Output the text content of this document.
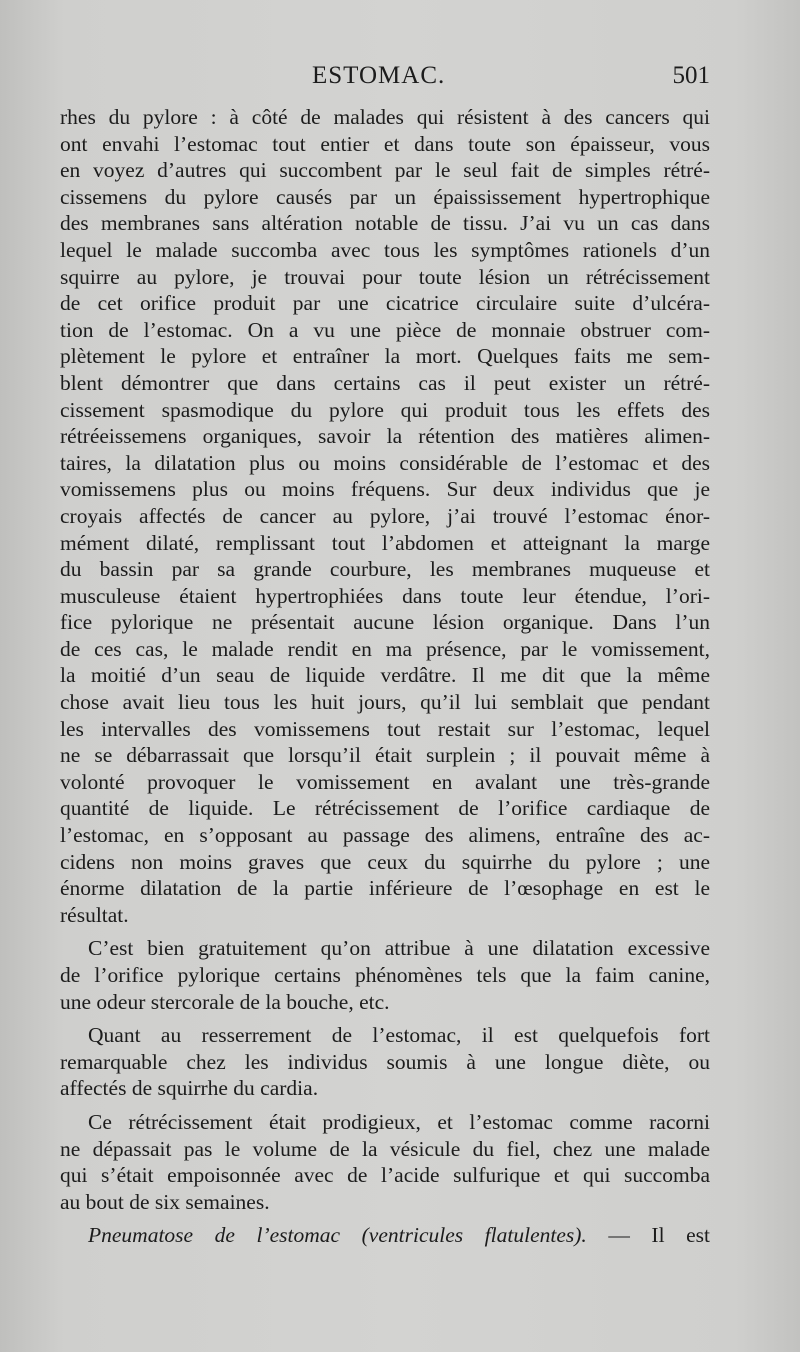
ESTOMAC.	501
rhes du pylore : à côté de malades qui résistent à des cancers qui
ont envahi l’estomac tout entier et dans toute son épaisseur, vous
en voyez d’autres qui succombent par le seul fait de simples rétré-
cissemens du pylore causés par un épaississement hypertrophique
des membranes sans altération notable de tissu. J’ai vu un cas dans
lequel le malade succomba avec tous les symptômes rationels d’un
squirre au pylore, je trouvai pour toute lésion un rétrécissement
de cet orifice produit par une cicatrice circulaire suite d’ulcéra-
tion de l’estomac. On a vu une pièce de monnaie obstruer com-
plètement le pylore et entraîner la mort. Quelques faits me sem-
blent démontrer que dans certains cas il peut exister un rétré-
cissement spasmodique du pylore qui produit tous les effets des
rétréeissemens organiques, savoir la rétention des matières alimen-
taires, la dilatation plus ou moins considérable de l’estomac et des
vomissemens plus ou moins fréquens. Sur deux individus que je
croyais affectés de cancer au pylore, j’ai trouvé l’estomac énor-
mément dilaté, remplissant tout l’abdomen et atteignant la marge
du bassin par sa grande courbure, les membranes muqueuse et
musculeuse étaient hypertrophiées dans toute leur étendue, l’ori-
fice pylorique ne présentait aucune lésion organique. Dans l’un
de ces cas, le malade rendit en ma présence, par le vomissement,
la moitié d’un seau de liquide verdâtre. Il me dit que la même
chose avait lieu tous les huit jours, qu’il lui semblait que pendant
les intervalles des vomissemens tout restait sur l’estomac, lequel
ne se débarrassait que lorsqu’il était surplein ; il pouvait même à
volonté provoquer le vomissement en avalant une très-grande
quantité de liquide. Le rétrécissement de l’orifice cardiaque de
l’estomac, en s’opposant au passage des alimens, entraîne des ac-
cidens non moins graves que ceux du squirrhe du pylore ; une
énorme dilatation de la partie inférieure de l’œsophage en est le
résultat.
C’est bien gratuitement qu’on attribue à une dilatation excessive
de l’orifice pylorique certains phénomènes tels que la faim canine,
une odeur stercorale de la bouche, etc.
Quant au resserrement de l’estomac, il est quelquefois fort
remarquable chez les individus soumis à une longue diète, ou
affectés de squirrhe du cardia.
Ce rétrécissement était prodigieux, et l’estomac comme racorni
ne dépassait pas le volume de la vésicule du fiel, chez une malade
qui s’était empoisonnée avec de l’acide sulfurique et qui succomba
au bout de six semaines.
Pneumatose de l’estomac (ventricules flatulentes). — Il est
